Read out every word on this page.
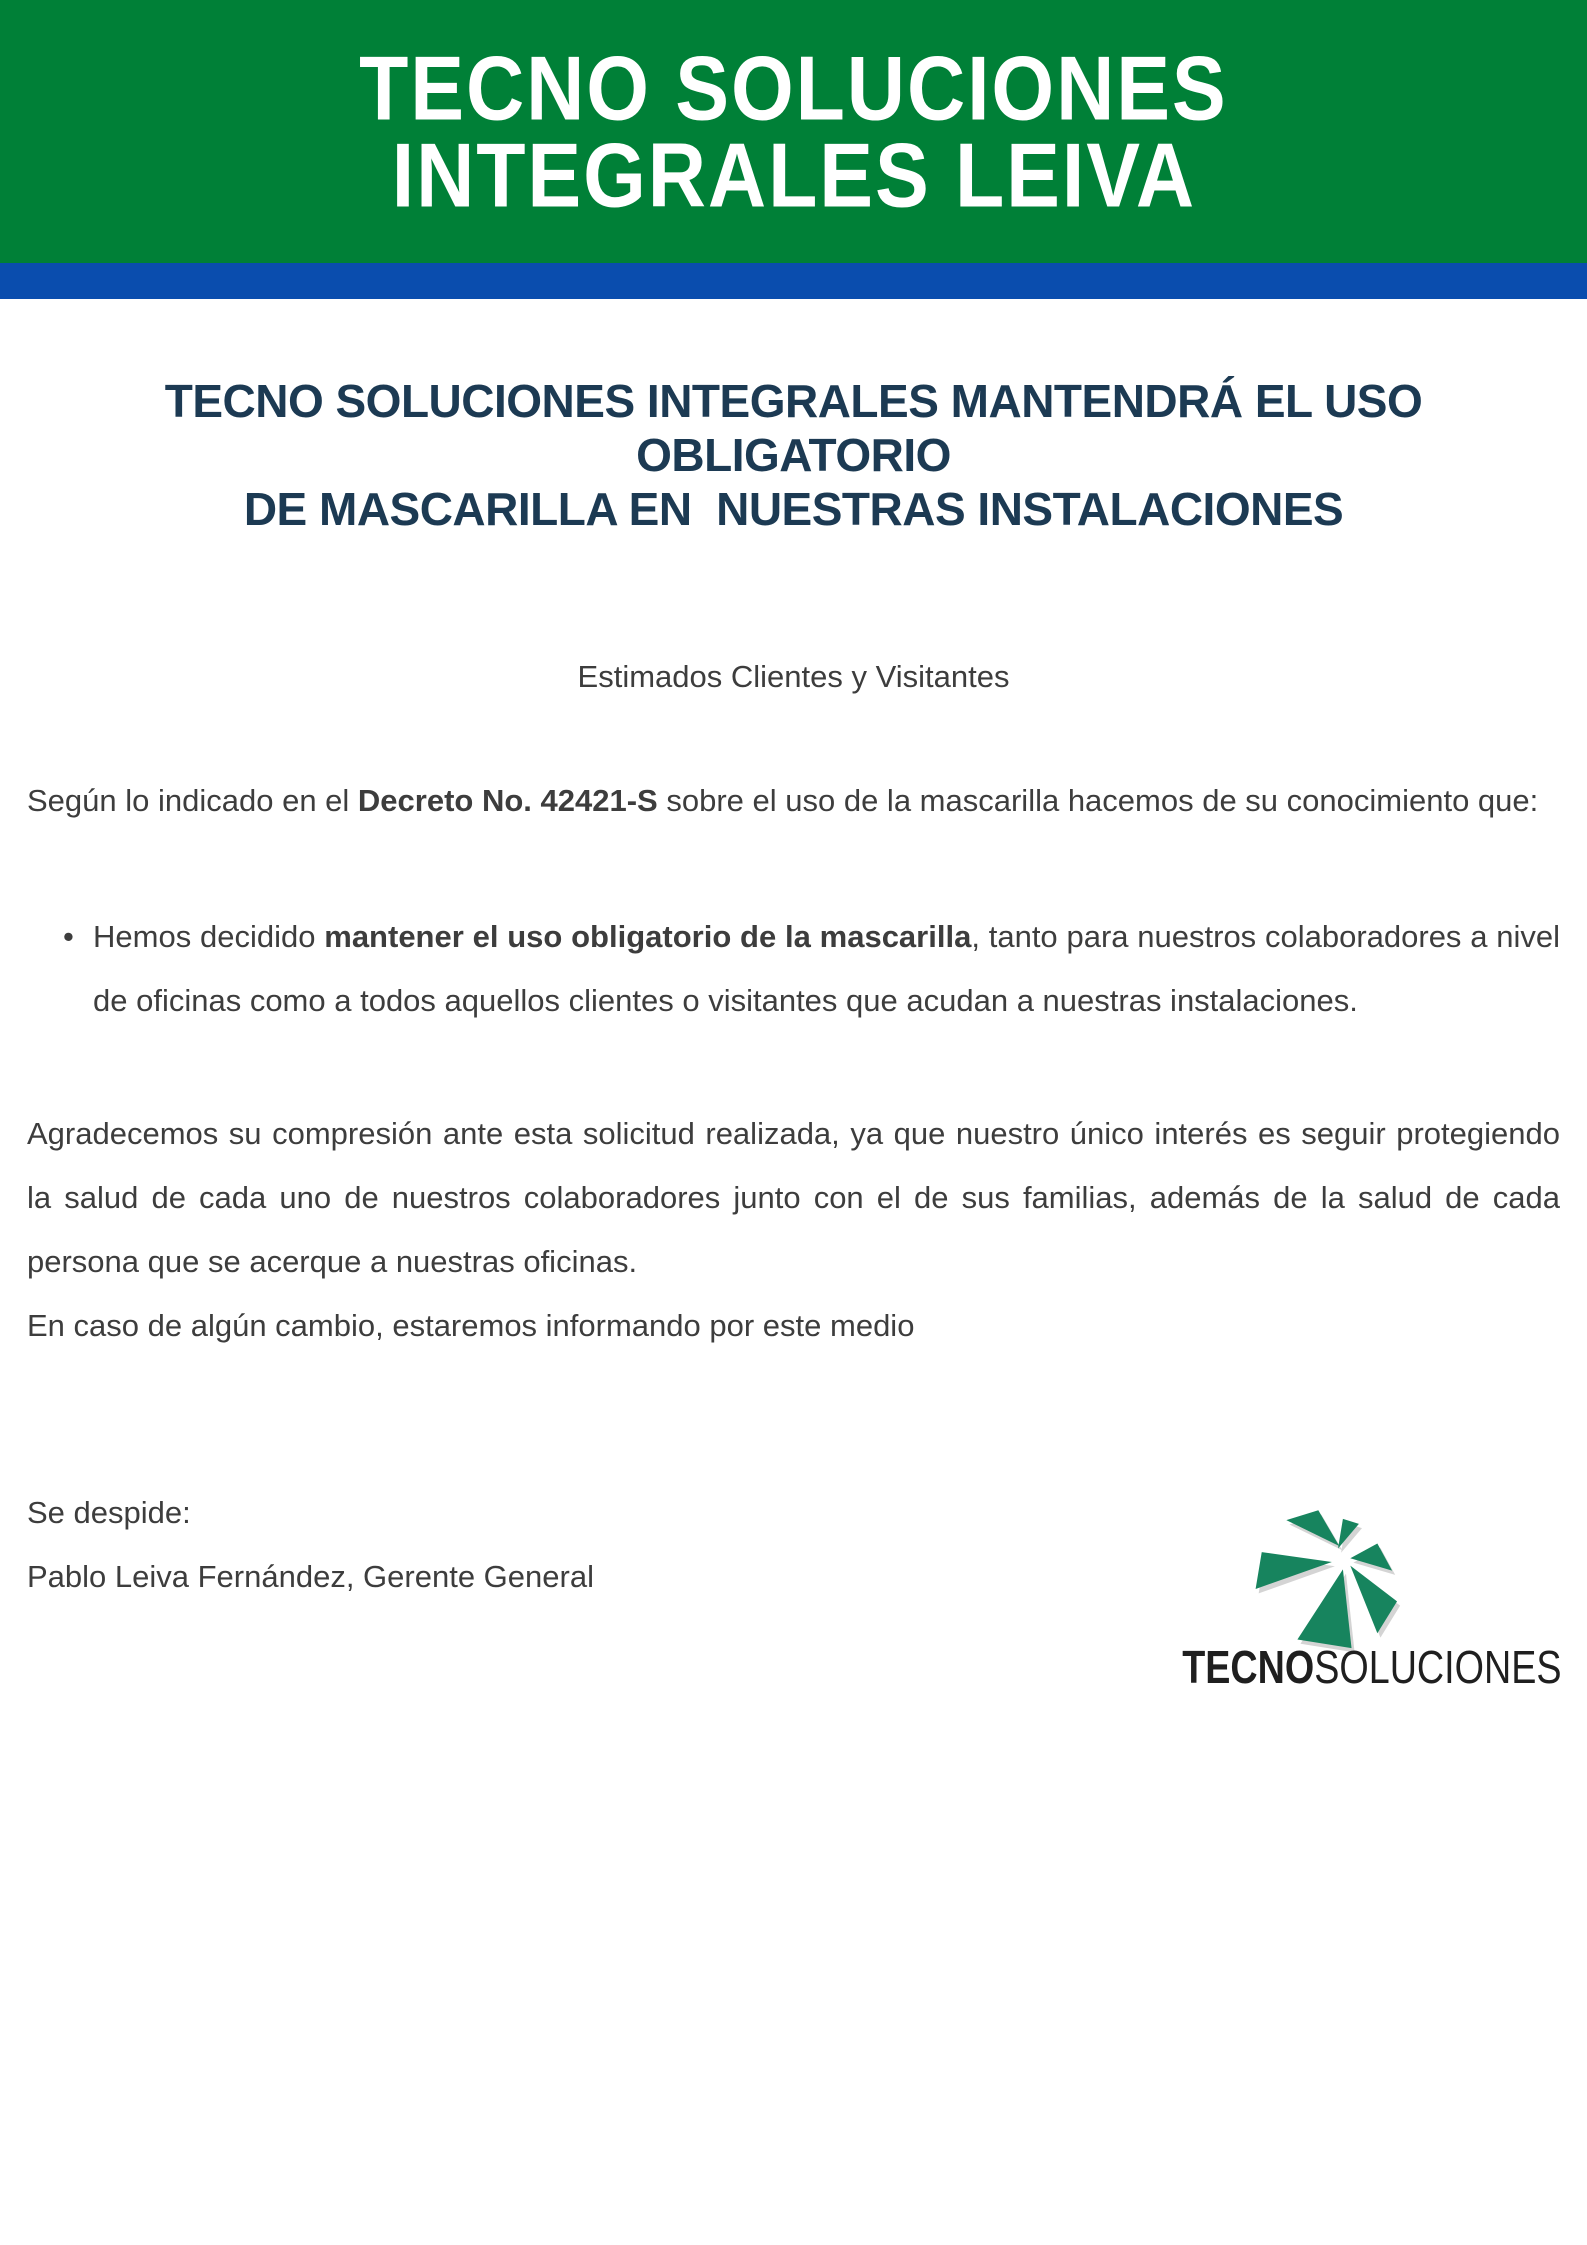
TECNO SOLUCIONES
INTEGRALES LEIVA
TECNO SOLUCIONES INTEGRALES MANTENDRÁ EL USO OBLIGATORIO
DE MASCARILLA EN  NUESTRAS INSTALACIONES

Estimados Clientes y Visitantes

Según lo indicado en el Decreto No. 42421-S sobre el uso de la mascarilla hacemos de su conocimiento que:

• Hemos decidido mantener el uso obligatorio de la mascarilla, tanto para nuestros colaboradores a nivel de oficinas como a todos aquellos clientes o visitantes que acudan a nuestras instalaciones.

Agradecemos su compresión ante esta solicitud realizada, ya que nuestro único interés es seguir protegiendo la salud de cada uno de nuestros colaboradores junto con el de sus familias, además de la salud de cada persona que se acerque a nuestras oficinas.

En caso de algún cambio, estaremos informando por este medio

Se despide:

Pablo Leiva Fernández, Gerente General

TECNOSOLUCIONES
